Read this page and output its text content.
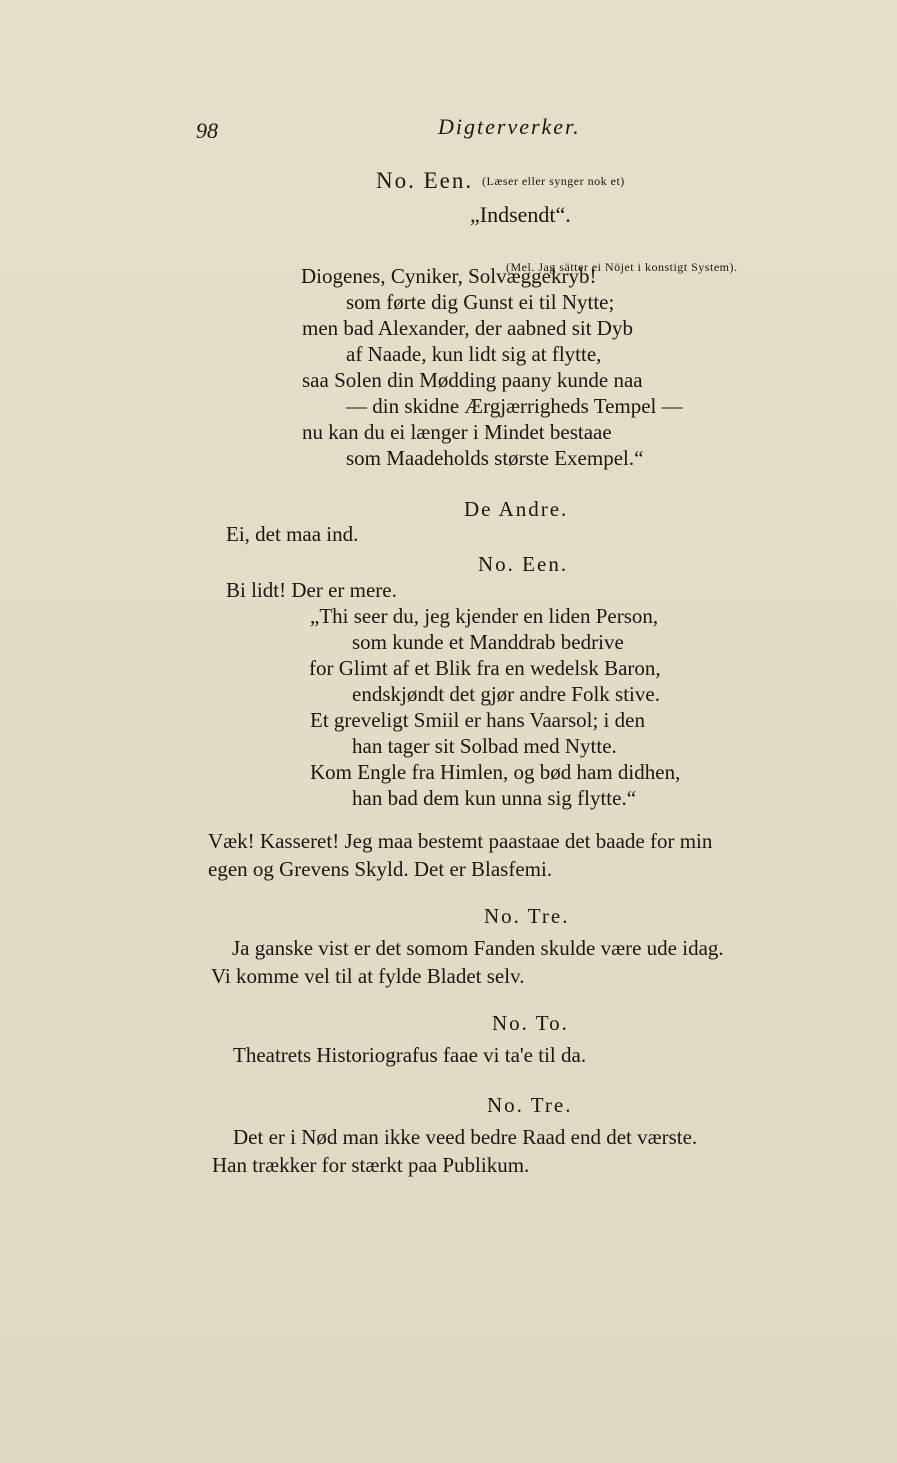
98	Digterverker.
No. Een. (Læser eller synger nok et)
„Indsendt“.
(Mel. Jag sätter ei Nöjet i konstigt System).
Diogenes, Cyniker, Solvæggekryb!
som førte dig Gunst ei til Nytte;
men bad Alexander, der aabned sit Dyb
af Naade, kun lidt sig at flytte,
saa Solen din Mødding paany kunde naa
— din skidne Ærgjærrigheds Tempel —
nu kan du ei længer i Mindet bestaae
som Maadeholds største Exempel.“
De Andre.
Ei, det maa ind.
No. Een.
Bi lidt! Der er mere.
„Thi seer du, jeg kjender en liden Person,
som kunde et Manddrab bedrive
for Glimt af et Blik fra en wedelsk Baron,
endskjøndt det gjør andre Folk stive.
Et greveligt Smiil er hans Vaarsol; i den
han tager sit Solbad med Nytte.
Kom Engle fra Himlen, og bød ham didhen,
han bad dem kun unna sig flytte.“
Væk! Kasseret! Jeg maa bestemt paastaae det baade for min
egen og Grevens Skyld. Det er Blasfemi.
No. Tre.
Ja ganske vist er det somom Fanden skulde være ude idag.
Vi komme vel til at fylde Bladet selv.
No. To.
Theatrets Historiografus faae vi ta'e til da.
No. Tre.
Det er i Nød man ikke veed bedre Raad end det værste.
Han trækker for stærkt paa Publikum.
